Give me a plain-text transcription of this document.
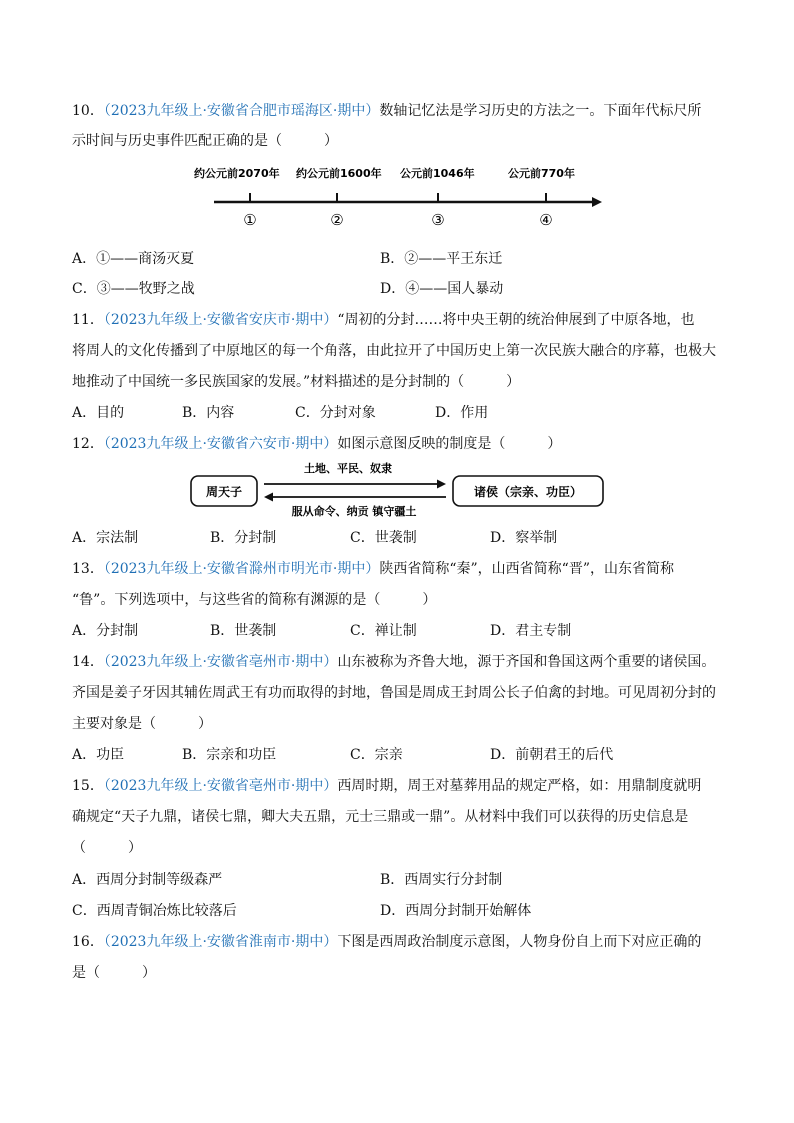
10．（2023九年级上·安徽省合肥市瑶海区·期中）数轴记忆法是学习历史的方法之一。下面年代标尺所
示时间与历史事件匹配正确的是（　　　）
约公元前2070年 约公元前1600年 公元前1046年	公元前770年
①	②	③	④
A．①——商汤灭夏	B．②——平王东迁
C．③——牧野之战	D．④——国人暴动
11．（2023九年级上·安徽省安庆市·期中）“周初的分封……将中央王朝的统治伸展到了中原各地，也
将周人的文化传播到了中原地区的每一个角落，由此拉开了中国历史上第一次民族大融合的序幕，也极大
地推动了中国统一多民族国家的发展。”材料描述的是分封制的（　　　）
A．目的	B．内容	C．分封对象	D．作用
12．（2023九年级上·安徽省六安市·期中）如图示意图反映的制度是（　　　）
周天子	诸侯（宗亲、功臣）
土地、平民、奴隶
服从命令、纳贡 镇守疆土
A．宗法制	B．分封制	C．世袭制	D．察举制
13．（2023九年级上·安徽省滁州市明光市·期中）陕西省简称“秦”，山西省简称“晋”，山东省简称
“鲁”。下列选项中，与这些省的简称有渊源的是（　　　）
A．分封制	B．世袭制	C．禅让制	D．君主专制
14．（2023九年级上·安徽省亳州市·期中）山东被称为齐鲁大地，源于齐国和鲁国这两个重要的诸侯国。
齐国是姜子牙因其辅佐周武王有功而取得的封地，鲁国是周成王封周公长子伯禽的封地。可见周初分封的
主要对象是（　　　）
A．功臣	B．宗亲和功臣	C．宗亲	D．前朝君王的后代
15．（2023九年级上·安徽省亳州市·期中）西周时期，周王对墓葬用品的规定严格，如：用鼎制度就明
确规定“天子九鼎，诸侯七鼎，卿大夫五鼎，元士三鼎或一鼎”。从材料中我们可以获得的历史信息是
（　　　）
A．西周分封制等级森严	B．西周实行分封制
C．西周青铜冶炼比较落后	D．西周分封制开始解体
16．（2023九年级上·安徽省淮南市·期中）下图是西周政治制度示意图，人物身份自上而下对应正确的
是（　　　）
